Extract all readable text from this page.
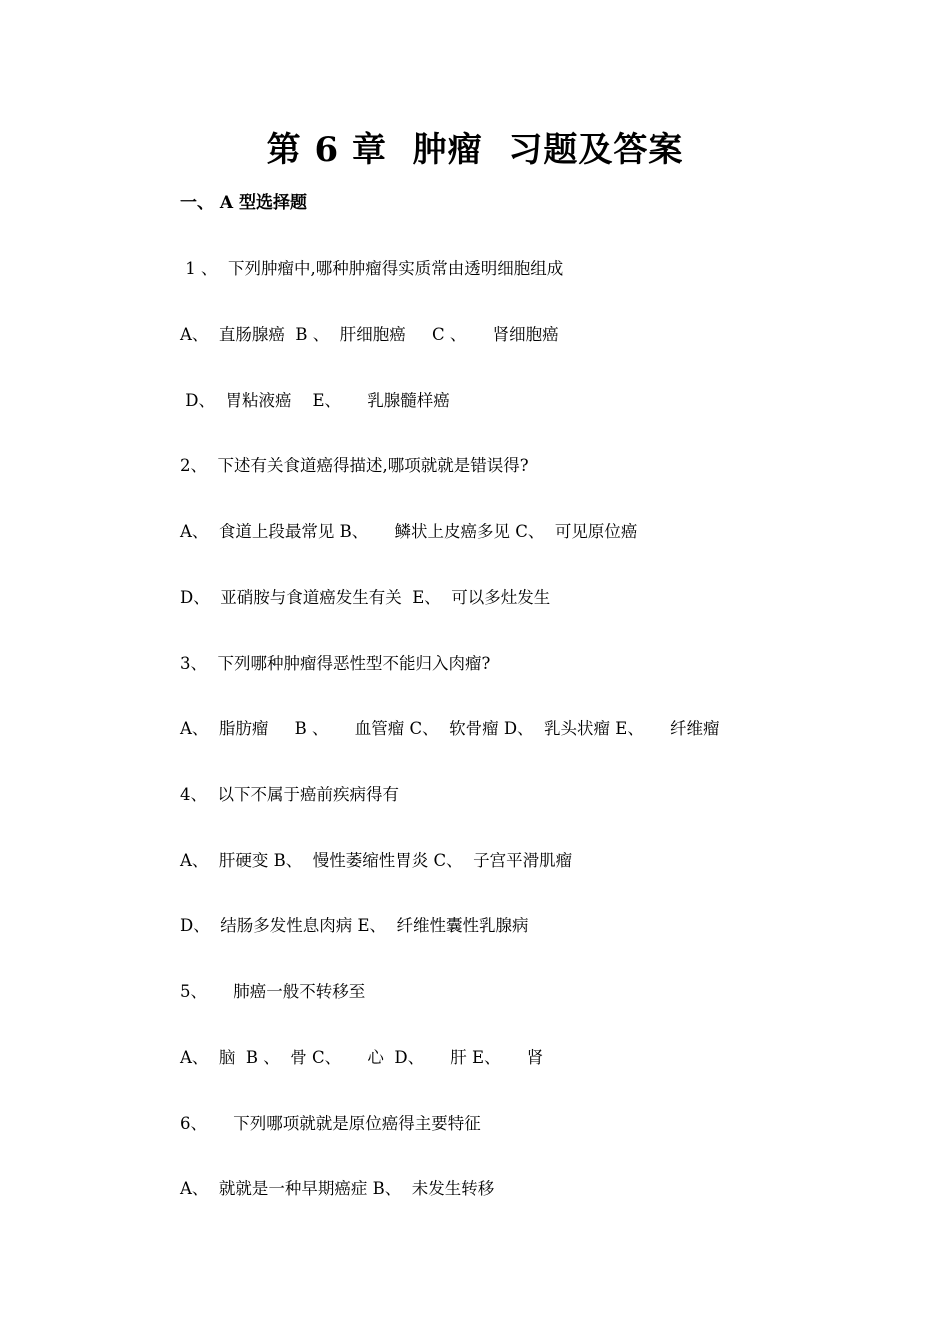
第 6 章  肿瘤  习题及答案
一、 A 型选择题
1 、  下列肿瘤中,哪种肿瘤得实质常由透明细胞组成
A、  直肠腺癌  B 、  肝细胞癌     C 、     肾细胞癌
D、  胃粘液癌    E、     乳腺髓样癌
2、  下述有关食道癌得描述,哪项就就是错误得?
A、  食道上段最常见 B、     鳞状上皮癌多见 C、  可见原位癌
D、  亚硝胺与食道癌发生有关  E、  可以多灶发生
3、  下列哪种肿瘤得恶性型不能归入肉瘤?
A、  脂肪瘤     B 、     血管瘤 C、  软骨瘤 D、  乳头状瘤 E、     纤维瘤
4、  以下不属于癌前疾病得有
A、  肝硬变 B、  慢性萎缩性胃炎 C、  子宫平滑肌瘤
D、  结肠多发性息肉病 E、  纤维性囊性乳腺病
5、     肺癌一般不转移至
A、  脑  B 、  骨 C、     心  D、     肝 E、     肾
6、     下列哪项就就是原位癌得主要特征
A、  就就是一种早期癌症 B、  未发生转移
